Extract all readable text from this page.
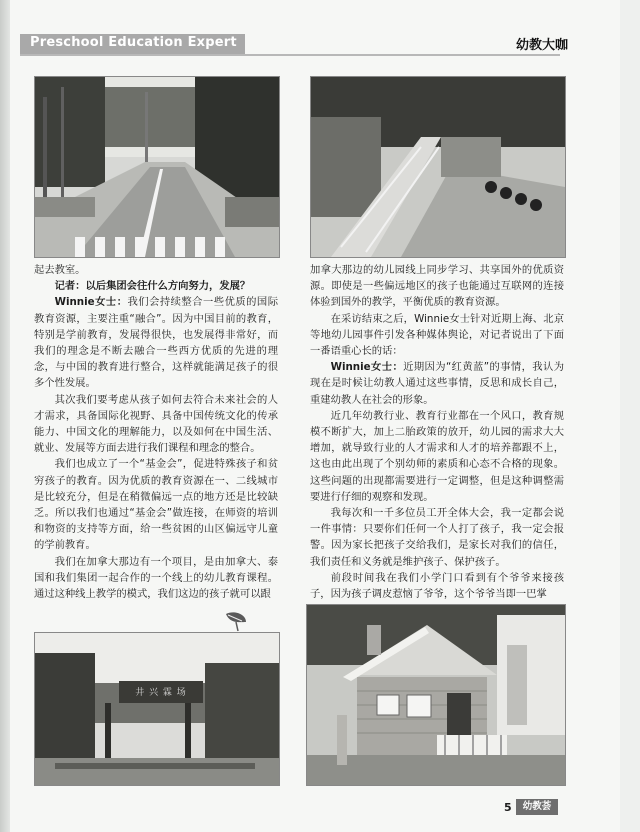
Preschool Education Expert	幼教大咖

起去教室。

记者：以后集团会往什么方向努力，发展？

Winnie女士：我们会持续整合一些优质的国际教育资源，主要注重“融合”。因为中国目前的教育，特别是学前教育，发展得很快，也发展得非常好，而我们的理念是不断去融合一些西方优质的先进的理念，与中国的教育进行整合，这样就能满足孩子的很多个性发展。

其次我们要考虑从孩子如何去符合未来社会的人才需求，具备国际化视野、具备中国传统文化的传承能力、中国文化的理解能力，以及如何在中国生活、就业、发展等方面去进行我们课程和理念的整合。

我们也成立了一个“基金会”，促进特殊孩子和贫穷孩子的教育。因为优质的教育资源在一、二线城市是比较充分，但是在稍微偏远一点的地方还是比较缺乏。所以我们也通过“基金会”做连接，在师资的培训和物资的支持等方面，给一些贫困的山区偏远守儿童的学前教育。

我们在加拿大那边有一个项目，是由加拿大、泰国和我们集团一起合作的一个线上的幼儿教育课程。通过这种线上教学的模式，我们这边的孩子就可以跟

加拿大那边的幼儿园线上同步学习、共享国外的优质资源。即使是一些偏远地区的孩子也能通过互联网的连接体验到国外的教学，平衡优质的教育资源。

在采访结束之后，Winnie女士针对近期上海、北京等地幼儿园事件引发各种媒体舆论，对记者说出了下面一番语重心长的话：

Winnie女士：近期因为“红黄蓝”的事情，我认为现在是时候让幼教人通过这些事情，反思和成长自己，重建幼教人在社会的形象。

近几年幼教行业、教育行业都在一个风口，教育规模不断扩大，加上二胎政策的放开，幼儿园的需求大大增加，就导致行业的人才需求和人才的培养都跟不上，这也由此出现了个别幼师的素质和心态不合格的现象。这些问题的出现都需要进行一定调整，但是这种调整需要进行仔细的观察和发现。

我每次和一千多位员工开全体大会，我一定都会说一件事情：只要你们任何一个人打了孩子，我一定会报警。因为家长把孩子交给我们，是家长对我们的信任，我们责任和义务就是维护孩子、保护孩子。

前段时间我在我们小学门口看到有个爷爷来接孩子，因为孩子调皮惹恼了爷爷，这个爷爷当即一巴掌

井 兴 霖 场
5	幼教荟
